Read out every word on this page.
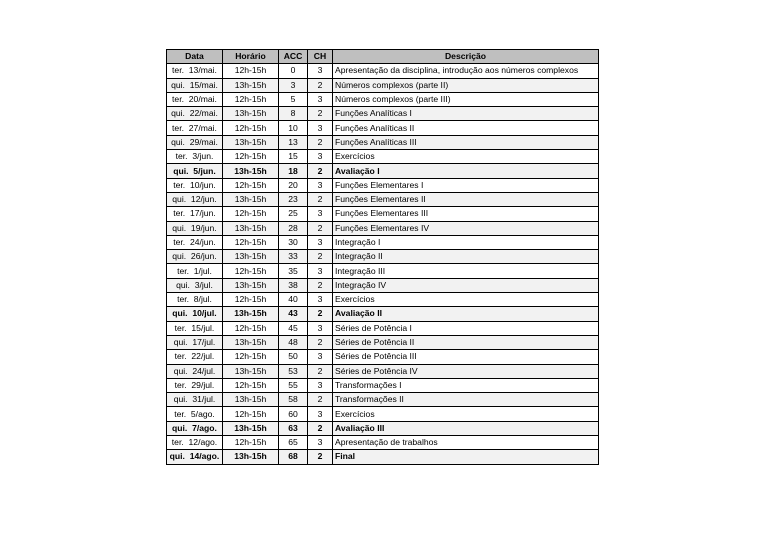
Data	Horário	ACC	CH	Descrição
ter.  13/mai.	12h-15h	0	3	Apresentação da disciplina, introdução aos números complexos
qui.  15/mai.	13h-15h	3	2	Números complexos (parte II)
ter.  20/mai.	12h-15h	5	3	Números complexos (parte III)
qui.  22/mai.	13h-15h	8	2	Funções Analíticas I
ter.  27/mai.	12h-15h	10	3	Funções Analíticas II
qui.  29/mai.	13h-15h	13	2	Funções Analíticas III
ter.  3/jun.	12h-15h	15	3	Exercícios
qui.  5/jun.	13h-15h	18	2	Avaliação I
ter.  10/jun.	12h-15h	20	3	Funções Elementares I
qui.  12/jun.	13h-15h	23	2	Funções Elementares II
ter.  17/jun.	12h-15h	25	3	Funções Elementares III
qui.  19/jun.	13h-15h	28	2	Funções Elementares IV
ter.  24/jun.	12h-15h	30	3	Integração I
qui.  26/jun.	13h-15h	33	2	Integração II
ter.  1/jul.	12h-15h	35	3	Integração III
qui.  3/jul.	13h-15h	38	2	Integração IV
ter.  8/jul.	12h-15h	40	3	Exercícios
qui.  10/jul.	13h-15h	43	2	Avaliação II
ter.  15/jul.	12h-15h	45	3	Séries de Potência I
qui.  17/jul.	13h-15h	48	2	Séries de Potência II
ter.  22/jul.	12h-15h	50	3	Séries de Potência III
qui.  24/jul.	13h-15h	53	2	Séries de Potência IV
ter.  29/jul.	12h-15h	55	3	Transformações I
qui.  31/jul.	13h-15h	58	2	Transformações II
ter.  5/ago.	12h-15h	60	3	Exercícios
qui.  7/ago.	13h-15h	63	2	Avaliação III
ter.  12/ago.	12h-15h	65	3	Apresentação de trabalhos
qui.  14/ago.	13h-15h	68	2	Final
